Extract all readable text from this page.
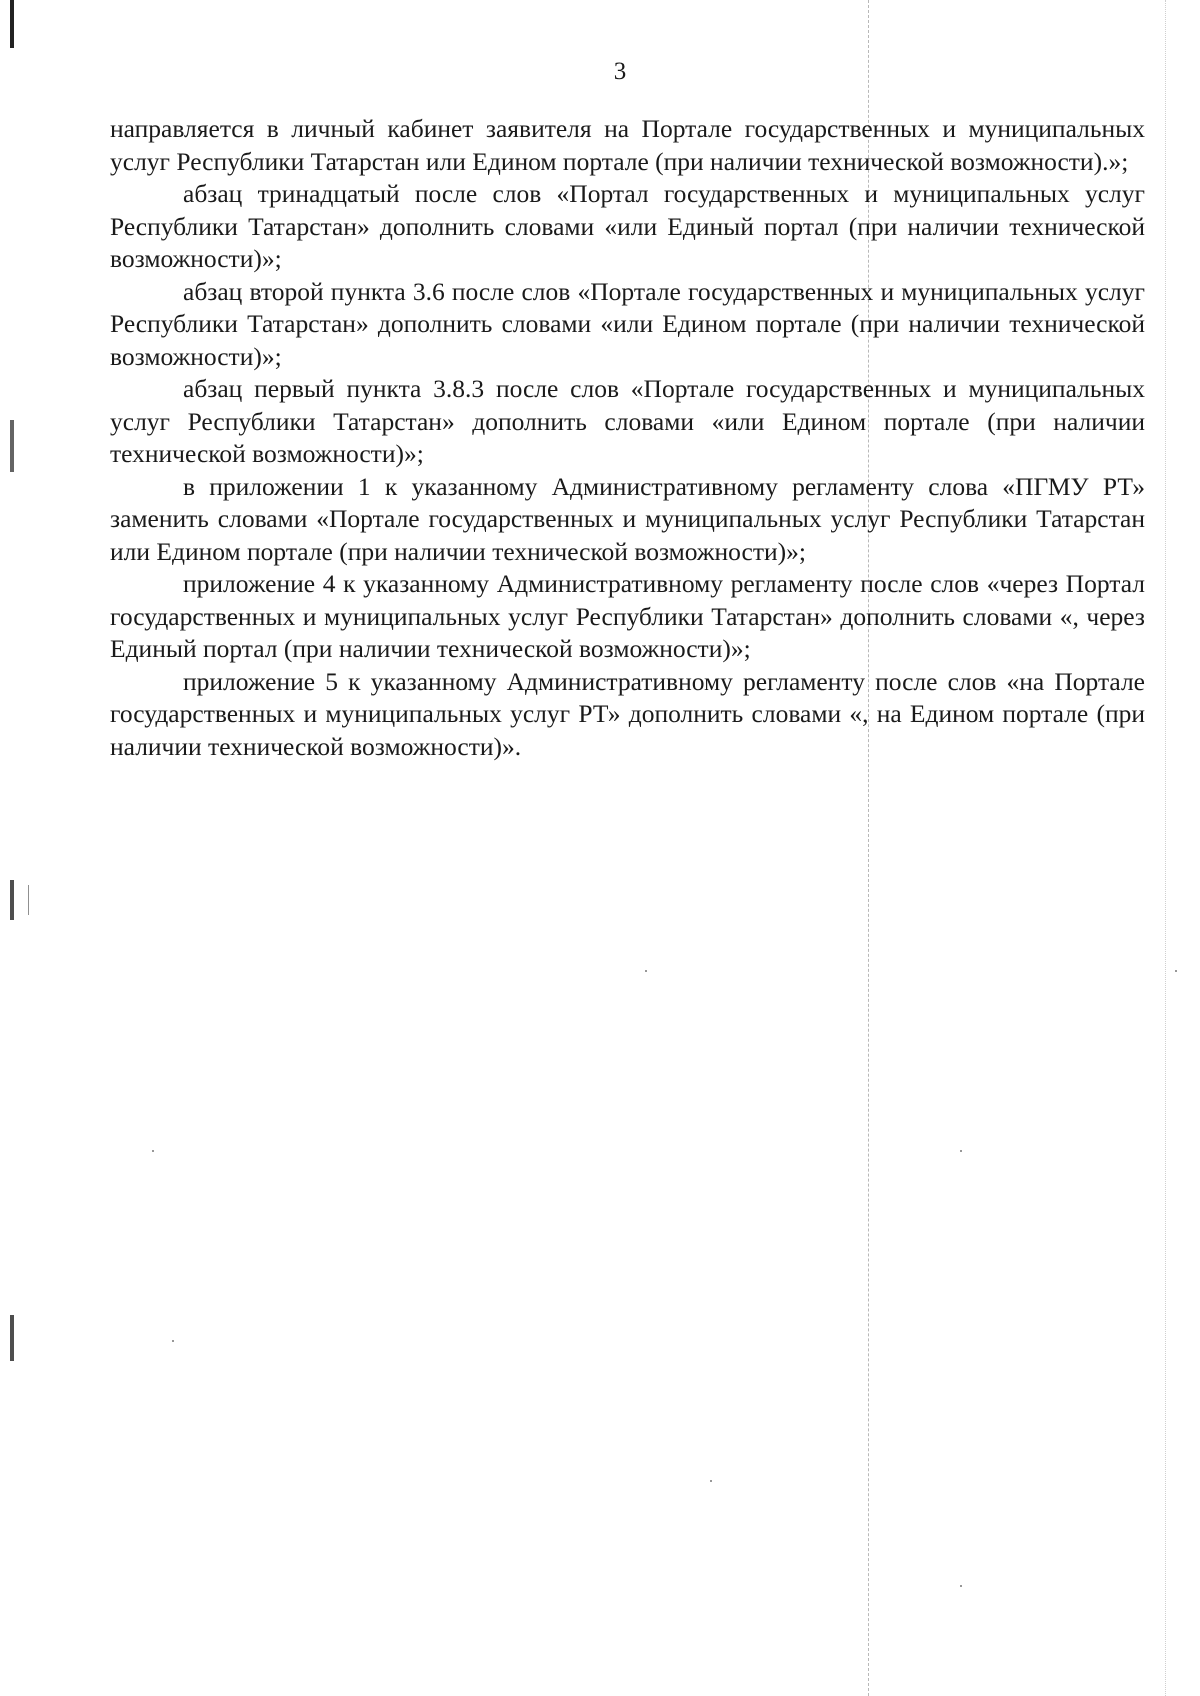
3

направляется в личный кабинет заявителя на Портале государственных и муниципальных услуг Республики Татарстан или Едином портале (при наличии технической возможности).»;

абзац тринадцатый после слов «Портал государственных и муниципальных услуг Республики Татарстан» дополнить словами «или Единый портал (при наличии технической возможности)»;

абзац второй пункта 3.6 после слов «Портале государственных и муниципальных услуг Республики Татарстан» дополнить словами «или Едином портале (при наличии технической возможности)»;

абзац первый пункта 3.8.3 после слов «Портале государственных и муниципальных услуг Республики Татарстан» дополнить словами «или Едином портале (при наличии технической возможности)»;

в приложении 1 к указанному Административному регламенту слова «ПГМУ РТ» заменить словами «Портале государственных и муниципальных услуг Республики Татарстан или Едином портале (при наличии технической возможности)»;

приложение 4 к указанному Административному регламенту после слов «через Портал государственных и муниципальных услуг Республики Татарстан» дополнить словами «, через Единый портал (при наличии технической возможности)»;

приложение 5 к указанному Административному регламенту после слов «на Портале государственных и муниципальных услуг РТ» дополнить словами «, на Едином портале (при наличии технической возможности)».
